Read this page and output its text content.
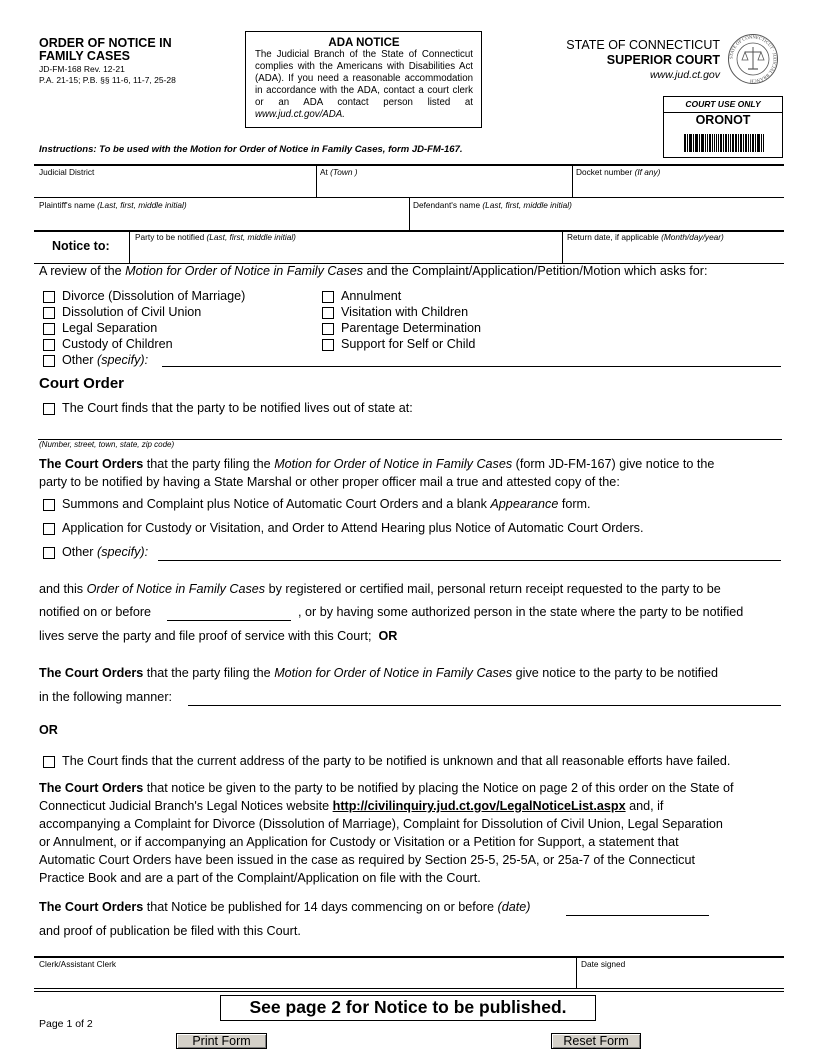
ORDER OF NOTICE IN
FAMILY CASES
JD-FM-168 Rev. 12-21
P.A. 21-15; P.B. §§ 11-6, 11-7, 25-28
ADA NOTICE
The Judicial Branch of the State of Connecticut complies with the Americans with Disabilities Act (ADA). If you need a reasonable accommodation in accordance with the ADA, contact a court clerk or an ADA contact person listed at www.jud.ct.gov/ADA.
STATE OF CONNECTICUT
SUPERIOR COURT
www.jud.ct.gov
STATE OF CONNECTICUT · JUDICIAL BRANCH
COURT USE ONLY
ORONOT
Instructions: To be used with the Motion for Order of Notice in Family Cases, form JD-FM-167.
Judicial District	At (Town )	Docket number (If any)
Plaintiff's name (Last, first, middle initial)	Defendant's name (Last, first, middle initial)
Notice to:
Party to be notified (Last, first, middle initial)	Return date, if applicable (Month/day/year)
A review of the Motion for Order of Notice in Family Cases and the Complaint/Application/Petition/Motion which asks for:
Divorce (Dissolution of Marriage)
Dissolution of Civil Union
Legal Separation
Custody of Children
Other (specify):
Annulment
Visitation with Children
Parentage Determination
Support for Self or Child
Court Order
The Court finds that the party to be notified lives out of state at:
(Number, street, town, state, zip code)
The Court Orders that the party filing the Motion for Order of Notice in Family Cases (form JD-FM-167) give notice to the
party to be notified by having a State Marshal or other proper officer mail a true and attested copy of the:
Summons and Complaint plus Notice of Automatic Court Orders and a blank Appearance form.
Application for Custody or Visitation, and Order to Attend Hearing plus Notice of Automatic Court Orders.
Other (specify):
and this Order of Notice in Family Cases by registered or certified mail, personal return receipt requested to the party to be
notified on or before	, or by having some authorized person in the state where the party to be notified
lives serve the party and file proof of service with this Court; OR
The Court Orders that the party filing the Motion for Order of Notice in Family Cases give notice to the party to be notified
in the following manner:
OR
The Court finds that the current address of the party to be notified is unknown and that all reasonable efforts have failed.
The Court Orders that notice be given to the party to be notified by placing the Notice on page 2 of this order on the State of
Connecticut Judicial Branch's Legal Notices website http://civilinquiry.jud.ct.gov/LegalNoticeList.aspx and, if
accompanying a Complaint for Divorce (Dissolution of Marriage), Complaint for Dissolution of Civil Union, Legal Separation
or Annulment, or if accompanying an Application for Custody or Visitation or a Petition for Support, a statement that
Automatic Court Orders have been issued in the case as required by Section 25-5, 25-5A, or 25a-7 of the Connecticut
Practice Book and are a part of the Complaint/Application on file with the Court.
The Court Orders that Notice be published for 14 days commencing on or before (date)
and proof of publication be filed with this Court.
Clerk/Assistant Clerk	Date signed
See page 2 for Notice to be published.
Page 1 of 2
Print Form	Reset Form
